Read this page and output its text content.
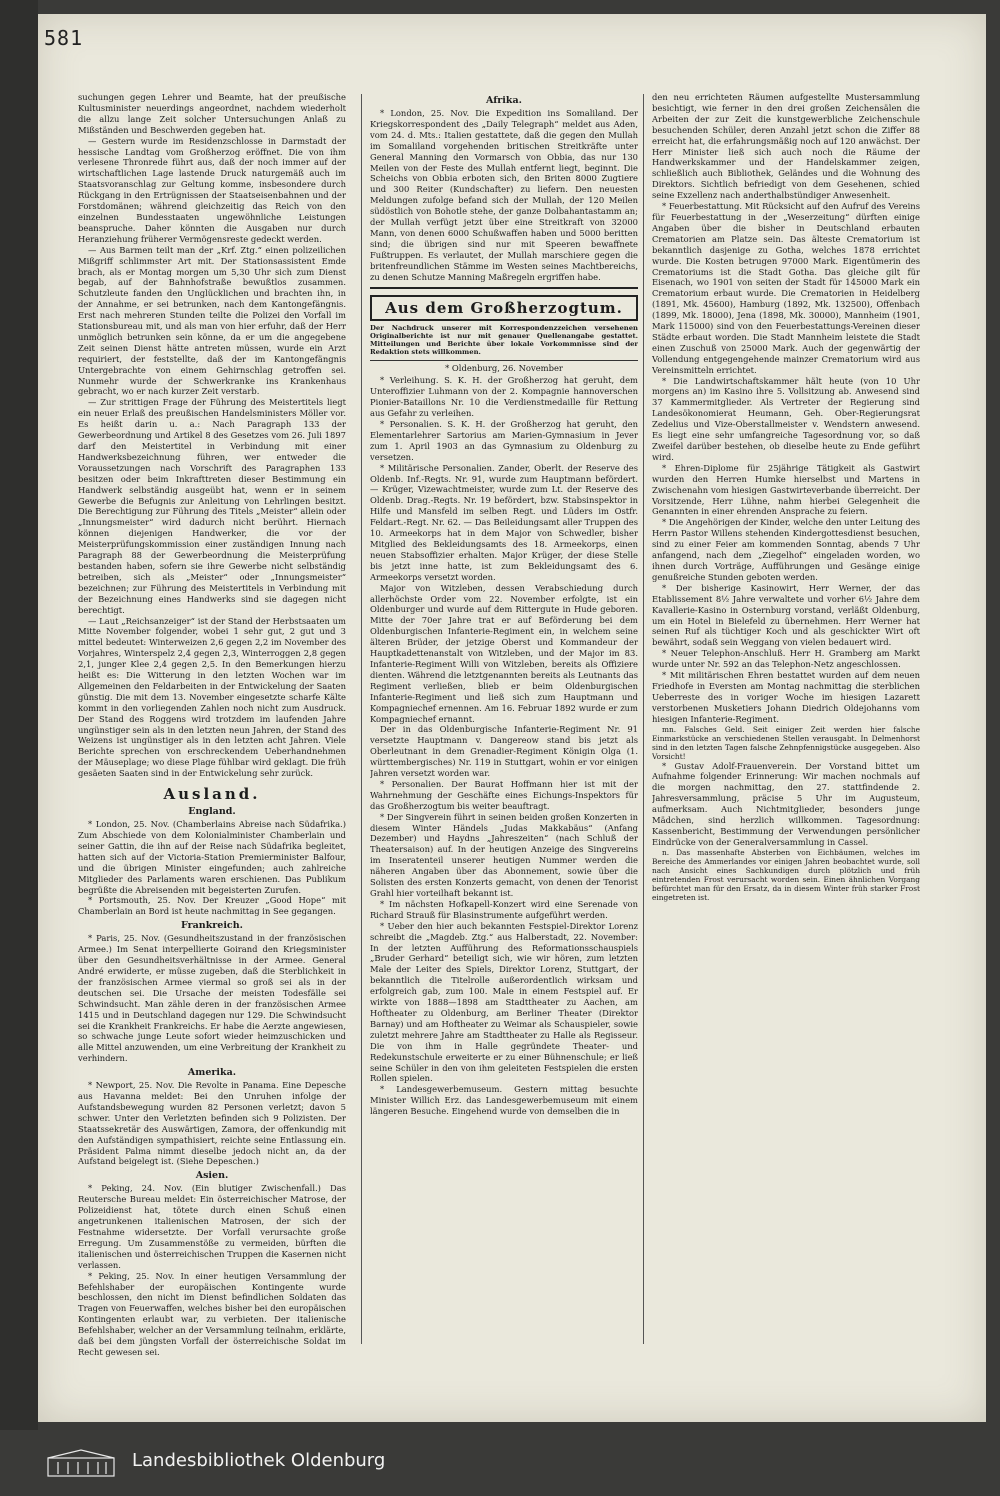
581

suchungen gegen Lehrer und Beamte, hat der preußische Kultusminister neuerdings angeordnet, nachdem wiederholt die allzu lange Zeit solcher Untersuchungen Anlaß zu Mißständen und Beschwerden gegeben hat.

— Gestern wurde im Residenzschlosse in Darmstadt der hessische Landtag vom Großherzog eröffnet. Die von ihm verlesene Thronrede führt aus, daß der noch immer auf der wirtschaftlichen Lage lastende Druck naturgemäß auch im Staatsvoranschlag zur Geltung komme, insbesondere durch Rückgang in den Ertrügnissen der Staatseisenbahnen und der Forstdomänen; während gleichzeitig das Reich von den einzelnen Bundesstaaten ungewöhnliche Leistungen beanspruche. Daher könnten die Ausgaben nur durch Heranziehung früherer Vermögensreste gedeckt werden.

— Aus Barmen teilt man der „Krf. Ztg.“ einen polizeilichen Mißgriff schlimmster Art mit. Der Stationsassistent Emde brach, als er Montag morgen um 5,30 Uhr sich zum Dienst begab, auf der Bahnhofstraße bewußtlos zusammen. Schutzleute fanden den Unglücklichen und brachten ihn, in der Annahme, er sei betrunken, nach dem Kantongefängnis. Erst nach mehreren Stunden teilte die Polizei den Vorfall im Stationsbureau mit, und als man von hier erfuhr, daß der Herr unmöglich betrunken sein könne, da er um die angegebene Zeit seinen Dienst hätte antreten müssen, wurde ein Arzt requiriert, der feststellte, daß der im Kantongefängnis Untergebrachte von einem Gehirnschlag getroffen sei. Nunmehr wurde der Schwerkranke ins Krankenhaus gebracht, wo er nach kurzer Zeit verstarb.

— Zur strittigen Frage der Führung des Meistertitels liegt ein neuer Erlaß des preußischen Handelsministers Möller vor. Es heißt darin u. a.: Nach Paragraph 133 der Gewerbeordnung und Artikel 8 des Gesetzes vom 26. Juli 1897 darf den Meistertitel in Verbindung mit einer Handwerksbezeichnung führen, wer entweder die Voraussetzungen nach Vorschrift des Paragraphen 133 besitzen oder beim Inkrafttreten dieser Bestimmung ein Handwerk selbständig ausgeübt hat, wenn er in seinem Gewerbe die Befugnis zur Anleitung von Lehrlingen besitzt. Die Berechtigung zur Führung des Titels „Meister“ allein oder „Innungsmeister“ wird dadurch nicht berührt. Hiernach können diejenigen Handwerker, die vor der Meisterprüfungskommission einer zuständigen Innung nach Paragraph 88 der Gewerbeordnung die Meisterprüfung bestanden haben, sofern sie ihre Gewerbe nicht selbständig betreiben, sich als „Meister“ oder „Innungsmeister“ bezeichnen; zur Führung des Meistertitels in Verbindung mit der Bezeichnung eines Handwerks sind sie dagegen nicht berechtigt.

— Laut „Reichsanzeiger“ ist der Stand der Herbstsaaten um Mitte November folgender, wobei 1 sehr gut, 2 gut und 3 mittel bedeutet: Winterweizen 2,6 gegen 2,2 im November des Vorjahres, Winterspelz 2,4 gegen 2,3, Winterroggen 2,8 gegen 2,1, junger Klee 2,4 gegen 2,5. In den Bemerkungen hierzu heißt es: Die Witterung in den letzten Wochen war im Allgemeinen den Feldarbeiten in der Entwickelung der Saaten günstig. Die mit dem 13. November eingesetzte scharfe Kälte kommt in den vorliegenden Zahlen noch nicht zum Ausdruck. Der Stand des Roggens wird trotzdem im laufenden Jahre ungünstiger sein als in den letzten neun Jahren, der Stand des Weizens ist ungünstiger als in den letzten acht Jahren. Viele Berichte sprechen von erschreckendem Ueberhandnehmen der Mäuseplage; wo diese Plage fühlbar wird geklagt. Die früh gesäeten Saaten sind in der Entwickelung sehr zurück.

Ausland.

England.

* London, 25. Nov. (Chamberlains Abreise nach Südafrika.) Zum Abschiede von dem Kolonialminister Chamberlain und seiner Gattin, die ihn auf der Reise nach Südafrika begleitet, hatten sich auf der Victoria-Station Premierminister Balfour, und die übrigen Minister eingefunden; auch zahlreiche Mitglieder des Parlaments waren erschienen. Das Publikum begrüßte die Abreisenden mit begeisterten Zurufen.

* Portsmouth, 25. Nov. Der Kreuzer „Good Hope“ mit Chamberlain an Bord ist heute nachmittag in See gegangen.

Frankreich.

* Paris, 25. Nov. (Gesundheitszustand in der französischen Armee.) Im Senat interpellierte Goirand den Kriegsminister über den Gesundheitsverhältnisse in der Armee. General André erwiderte, er müsse zugeben, daß die Sterblichkeit in der französischen Armee viermal so groß sei als in der deutschen sei. Die Ursache der meisten Todesfälle sei Schwindsucht. Man zähle deren in der französischen Armee 1415 und in Deutschland dagegen nur 129. Die Schwindsucht sei die Krankheit Frankreichs. Er habe die Aerzte angewiesen, so schwache junge Leute sofort wieder heimzuschicken und alle Mittel anzuwenden, um eine Verbreitung der Krankheit zu verhindern.

Amerika.

* Newport, 25. Nov. Die Revolte in Panama. Eine Depesche aus Havanna meldet: Bei den Unruhen infolge der Aufstandsbewegung wurden 82 Personen verletzt; davon 5 schwer. Unter den Verletzten befinden sich 9 Polizisten. Der Staatssekretär des Auswärtigen, Zamora, der offenkundig mit den Aufständigen sympathisiert, reichte seine Entlassung ein. Präsident Palma nimmt dieselbe jedoch nicht an, da der Aufstand beigelegt ist. (Siehe Depeschen.)

Asien.

* Peking, 24. Nov. (Ein blutiger Zwischenfall.) Das Reutersche Bureau meldet: Ein österreichischer Matrose, der Polizeidienst hat, tötete durch einen Schuß einen angetrunkenen italienischen Matrosen, der sich der Festnahme widersetzte. Der Vorfall verursachte große Erregung. Um Zusammenstöße zu vermeiden, bürften die italienischen und österreichischen Truppen die Kasernen nicht verlassen.

* Peking, 25. Nov. In einer heutigen Versammlung der Befehlshaber der europäischen Kontingente wurde beschlossen, den nicht im Dienst befindlichen Soldaten das Tragen von Feuerwaffen, welches bisher bei den europäischen Kontingenten erlaubt war, zu verbieten. Der italienische Befehlshaber, welcher an der Versammlung teilnahm, erklärte, daß bei dem jüngsten Vorfall der österreichische Soldat im Recht gewesen sei.

Afrika.

* London, 25. Nov. Die Expedition ins Somaliland. Der Kriegskorrespondent des „Daily Telegraph“ meldet aus Aden, vom 24. d. Mts.: Italien gestattete, daß die gegen den Mullah im Somaliland vorgehenden britischen Streitkräfte unter General Manning den Vormarsch von Obbia, das nur 130 Meilen von der Feste des Mullah entfernt liegt, beginnt. Die Scheichs von Obbia erboten sich, den Briten 8000 Zugtiere und 300 Reiter (Kundschafter) zu liefern. Den neuesten Meldungen zufolge befand sich der Mullah, der 120 Meilen südöstlich von Bohotle stehe, der ganze Dolbahantastamm an; der Mullah verfügt jetzt über eine Streitkraft von 32000 Mann, von denen 6000 Schußwaffen haben und 5000 beritten sind; die übrigen sind nur mit Speeren bewaffnete Fußtruppen. Es verlautet, der Mullah marschiere gegen die britenfreundlichen Stämme im Westen seines Machtbereichs, zu denen Schutze Manning Maßregeln ergriffen habe.

Aus dem Großherzogtum.

Der Nachdruck unserer mit Korrespondenzzeichen versehenen Originalberichte ist nur mit genauer Quellenangabe gestattet. Mitteilungen und Berichte über lokale Vorkommnisse sind der Redaktion stets willkommen.

* Oldenburg, 26. November

* Verleihung. S. K. H. der Großherzog hat geruht, dem Unteroffizier Luhmann von der 2. Kompagnie hannoverschen Pionier-Bataillons Nr. 10 die Verdienstmedaille für Rettung aus Gefahr zu verleihen.

* Personalien. S. K. H. der Großherzog hat geruht, den Elementarlehrer Sartorius am Marien-Gymnasium in Jever zum 1. April 1903 an das Gymnasium zu Oldenburg zu versetzen.

* Militärische Personalien. Zander, Oberlt. der Reserve des Oldenb. Inf.-Regts. Nr. 91, wurde zum Hauptmann befördert. — Krüger, Vizewachtmeister, wurde zum Lt. der Reserve des Oldenb. Drag.-Regts. Nr. 19 befördert, bzw. Stabsinspektor in Hilfe und Mansfeld im selben Regt. und Lüders im Ostfr. Feldart.-Regt. Nr. 62. — Das Beileidungsamt aller Truppen des 10. Armeekorps hat in dem Major von Schwedler, bisher Mitglied des Bekleidungsamts des 18. Armeekorps, einen neuen Stabsoffizier erhalten. Major Krüger, der diese Stelle bis jetzt inne hatte, ist zum Bekleidungsamt des 6. Armeekorps versetzt worden.

Major von Witzleben, dessen Verabschiedung durch allerhöchste Order vom 22. November erfolgte, ist ein Oldenburger und wurde auf dem Rittergute in Hude geboren. Mitte der 70er Jahre trat er auf Beförderung bei dem Oldenburgischen Infanterie-Regiment ein, in welchem seine älteren Brüder, der jetzige Oberst und Kommandeur der Hauptkadettenanstalt von Witzleben, und der Major im 83. Infanterie-Regiment Willi von Witzleben, bereits als Offiziere dienten. Während die letztgenannten bereits als Leutnants das Regiment verließen, blieb er beim Oldenburgischen Infanterie-Regiment und ließ sich zum Hauptmann und Kompagniechef ernennen. Am 16. Februar 1892 wurde er zum Kompagniechef ernannt.

Der in das Oldenburgische Infanterie-Regiment Nr. 91 versetzte Hauptmann v. Dangereow stand bis jetzt als Oberleutnant in dem Grenadier-Regiment Königin Olga (1. württembergisches) Nr. 119 in Stuttgart, wohin er vor einigen Jahren versetzt worden war.

* Personalien. Der Baurat Hoffmann hier ist mit der Wahrnehmung der Geschäfte eines Eichungs-Inspektors für das Großherzogtum bis weiter beauftragt.

* Der Singverein führt in seinen beiden großen Konzerten in diesem Winter Händels „Judas Makkabäus“ (Anfang Dezember) und Haydns „Jahreszeiten“ (nach Schluß der Theatersaison) auf. In der heutigen Anzeige des Singvereins im Inseratenteil unserer heutigen Nummer werden die näheren Angaben über das Abonnement, sowie über die Solisten des ersten Konzerts gemacht, von denen der Tenorist Grahl hier vorteilhaft bekannt ist.

* Im nächsten Hofkapell-Konzert wird eine Serenade von Richard Strauß für Blasinstrumente aufgeführt werden.

* Ueber den hier auch bekannten Festspiel-Direktor Lorenz schreibt die „Magdeb. Ztg.“ aus Halberstadt, 22. November: In der letzten Aufführung des Reformationsschauspiels „Bruder Gerhard“ beteiligt sich, wie wir hören, zum letzten Male der Leiter des Spiels, Direktor Lorenz, Stuttgart, der bekanntlich die Titelrolle außerordentlich wirksam und erfolgreich gab, zum 100. Male in einem Festspiel auf. Er wirkte von 1888—1898 am Stadttheater zu Aachen, am Hoftheater zu Oldenburg, am Berliner Theater (Direktor Barnay) und am Hoftheater zu Weimar als Schauspieler, sowie zuletzt mehrere Jahre am Stadttheater zu Halle als Regisseur. Die von ihm in Halle gegründete Theater- und Redekunstschule erweiterte er zu einer Bühnenschule; er ließ seine Schüler in den von ihm geleiteten Festspielen die ersten Rollen spielen.

* Landesgewerbemuseum. Gestern mittag besuchte Minister Willich Erz. das Landesgewerbemuseum mit einem längeren Besuche. Eingehend wurde von demselben die in

den neu errichteten Räumen aufgestellte Mustersammlung besichtigt, wie ferner in den drei großen Zeichensälen die Arbeiten der zur Zeit die kunstgewerbliche Zeichenschule besuchenden Schüler, deren Anzahl jetzt schon die Ziffer 88 erreicht hat, die erfahrungsmäßig noch auf 120 anwächst. Der Herr Minister ließ sich auch noch die Räume der Handwerkskammer und der Handelskammer zeigen, schließlich auch Bibliothek, Geländes und die Wohnung des Direktors. Sichtlich befriedigt von dem Gesehenen, schied seine Exzellenz nach anderthalbstündiger Anwesenheit.

* Feuerbestattung. Mit Rücksicht auf den Aufruf des Vereins für Feuerbestattung in der „Weserzeitung“ dürften einige Angaben über die bisher in Deutschland erbauten Crematorien am Platze sein. Das älteste Crematorium ist bekanntlich dasjenige zu Gotha, welches 1878 errichtet wurde. Die Kosten betrugen 97000 Mark. Eigentümerin des Crematoriums ist die Stadt Gotha. Das gleiche gilt für Eisenach, wo 1901 von seiten der Stadt für 145000 Mark ein Crematorium erbaut wurde. Die Crematorien in Heidelberg (1891, Mk. 45600), Hamburg (1892, Mk. 132500), Offenbach (1899, Mk. 18000), Jena (1898, Mk. 30000), Mannheim (1901, Mark 115000) sind von den Feuerbestattungs-Vereinen dieser Städte erbaut worden. Die Stadt Mannheim leistete die Stadt einen Zuschuß von 25000 Mark. Auch der gegenwärtig der Vollendung entgegengehende mainzer Crematorium wird aus Vereinsmitteln errichtet.

* Die Landwirtschaftskammer hält heute (von 10 Uhr morgens an) im Kasino ihre 5. Vollsitzung ab. Anwesend sind 37 Kammermitglieder. Als Vertreter der Regierung sind Landesökonomierat Heumann, Geh. Ober-Regierungsrat Zedelius und Vize-Oberstallmeister v. Wendstern anwesend. Es liegt eine sehr umfangreiche Tagesordnung vor, so daß Zweifel darüber bestehen, ob dieselbe heute zu Ende geführt wird.

* Ehren-Diplome für 25jährige Tätigkeit als Gastwirt wurden den Herren Humke hierselbst und Martens in Zwischenahn vom hiesigen Gastwirteverbande überreicht. Der Vorsitzende, Herr Lühne, nahm hierbei Gelegenheit die Genannten in einer ehrenden Ansprache zu feiern.

* Die Angehörigen der Kinder, welche den unter Leitung des Herrn Pastor Willens stehenden Kindergottesdienst besuchen, sind zu einer Feier am kommenden Sonntag, abends 7 Uhr anfangend, nach dem „Ziegelhof“ eingeladen worden, wo ihnen durch Vorträge, Aufführungen und Gesänge einige genußreiche Stunden geboten werden.

* Der bisherige Kasinowirt, Herr Werner, der das Etablissement 8½ Jahre verwaltete und vorher 6½ Jahre dem Kavallerie-Kasino in Osternburg vorstand, verläßt Oldenburg, um ein Hotel in Bielefeld zu übernehmen. Herr Werner hat seinen Ruf als tüchtiger Koch und als geschickter Wirt oft bewährt, sodaß sein Weggang von vielen bedauert wird.

* Neuer Telephon-Anschluß. Herr H. Gramberg am Markt wurde unter Nr. 592 an das Telephon-Netz angeschlossen.

* Mit militärischen Ehren bestattet wurden auf dem neuen Friedhofe in Eversten am Montag nachmittag die sterblichen Ueberreste des in voriger Woche im hiesigen Lazarett verstorbenen Musketiers Johann Diedrich Oldejohanns vom hiesigen Infanterie-Regiment.

mn. Falsches Geld. Seit einiger Zeit werden hier falsche Einmarkstücke an verschiedenen Stellen verausgabt. In Delmenhorst sind in den letzten Tagen falsche Zehnpfennigstücke ausgegeben. Also Vorsicht!

* Gustav Adolf-Frauenverein. Der Vorstand bittet um Aufnahme folgender Erinnerung: Wir machen nochmals auf die morgen nachmittag, den 27. stattfindende 2. Jahresversammlung, präcise 5 Uhr im Augusteum, aufmerksam. Auch Nichtmitglieder, besonders junge Mädchen, sind herzlich willkommen. Tagesordnung: Kassenbericht, Bestimmung der Verwendungen persönlicher Eindrücke von der Generalversammlung in Cassel.

n. Das massenhafte Absterben von Eichbäumen, welches im Bereiche des Ammerlandes vor einigen Jahren beobachtet wurde, soll nach Ansicht eines Sachkundigen durch plötzlich und früh eintretenden Frost verursacht worden sein. Einen ähnlichen Vorgang befürchtet man für den Ersatz, da in diesem Winter früh starker Frost eingetreten ist.

Landesbibliothek Oldenburg
